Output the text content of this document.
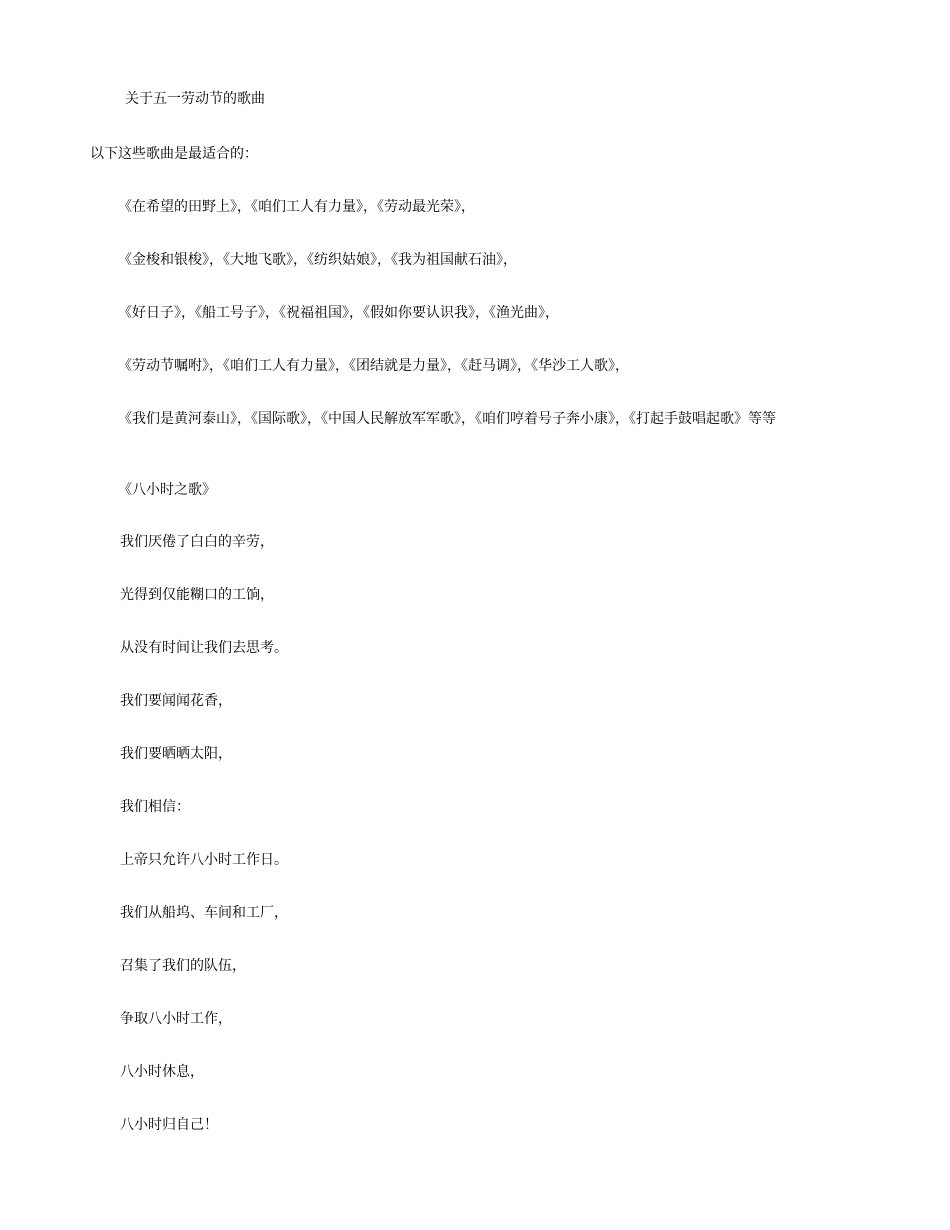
关于五一劳动节的歌曲
以下这些歌曲是最适合的：
《在希望的田野上》，《咱们工人有力量》，《劳动最光荣》，
《金梭和银梭》，《大地飞歌》，《纺织姑娘》，《我为祖国献石油》，
《好日子》，《船工号子》，《祝福祖国》，《假如你要认识我》，《渔光曲》，
《劳动节嘱咐》，《咱们工人有力量》，《团结就是力量》，《赶马调》，《华沙工人歌》，
《我们是黄河泰山》，《国际歌》，《中国人民解放军军歌》，《咱们哼着号子奔小康》，《打起手鼓唱起歌》等等
《八小时之歌》
我们厌倦了白白的辛劳，
光得到仅能糊口的工饷，
从没有时间让我们去思考。
我们要闻闻花香，
我们要晒晒太阳，
我们相信：
上帝只允许八小时工作日。
我们从船坞、车间和工厂，
召集了我们的队伍，
争取八小时工作，
八小时休息，
八小时归自己！
